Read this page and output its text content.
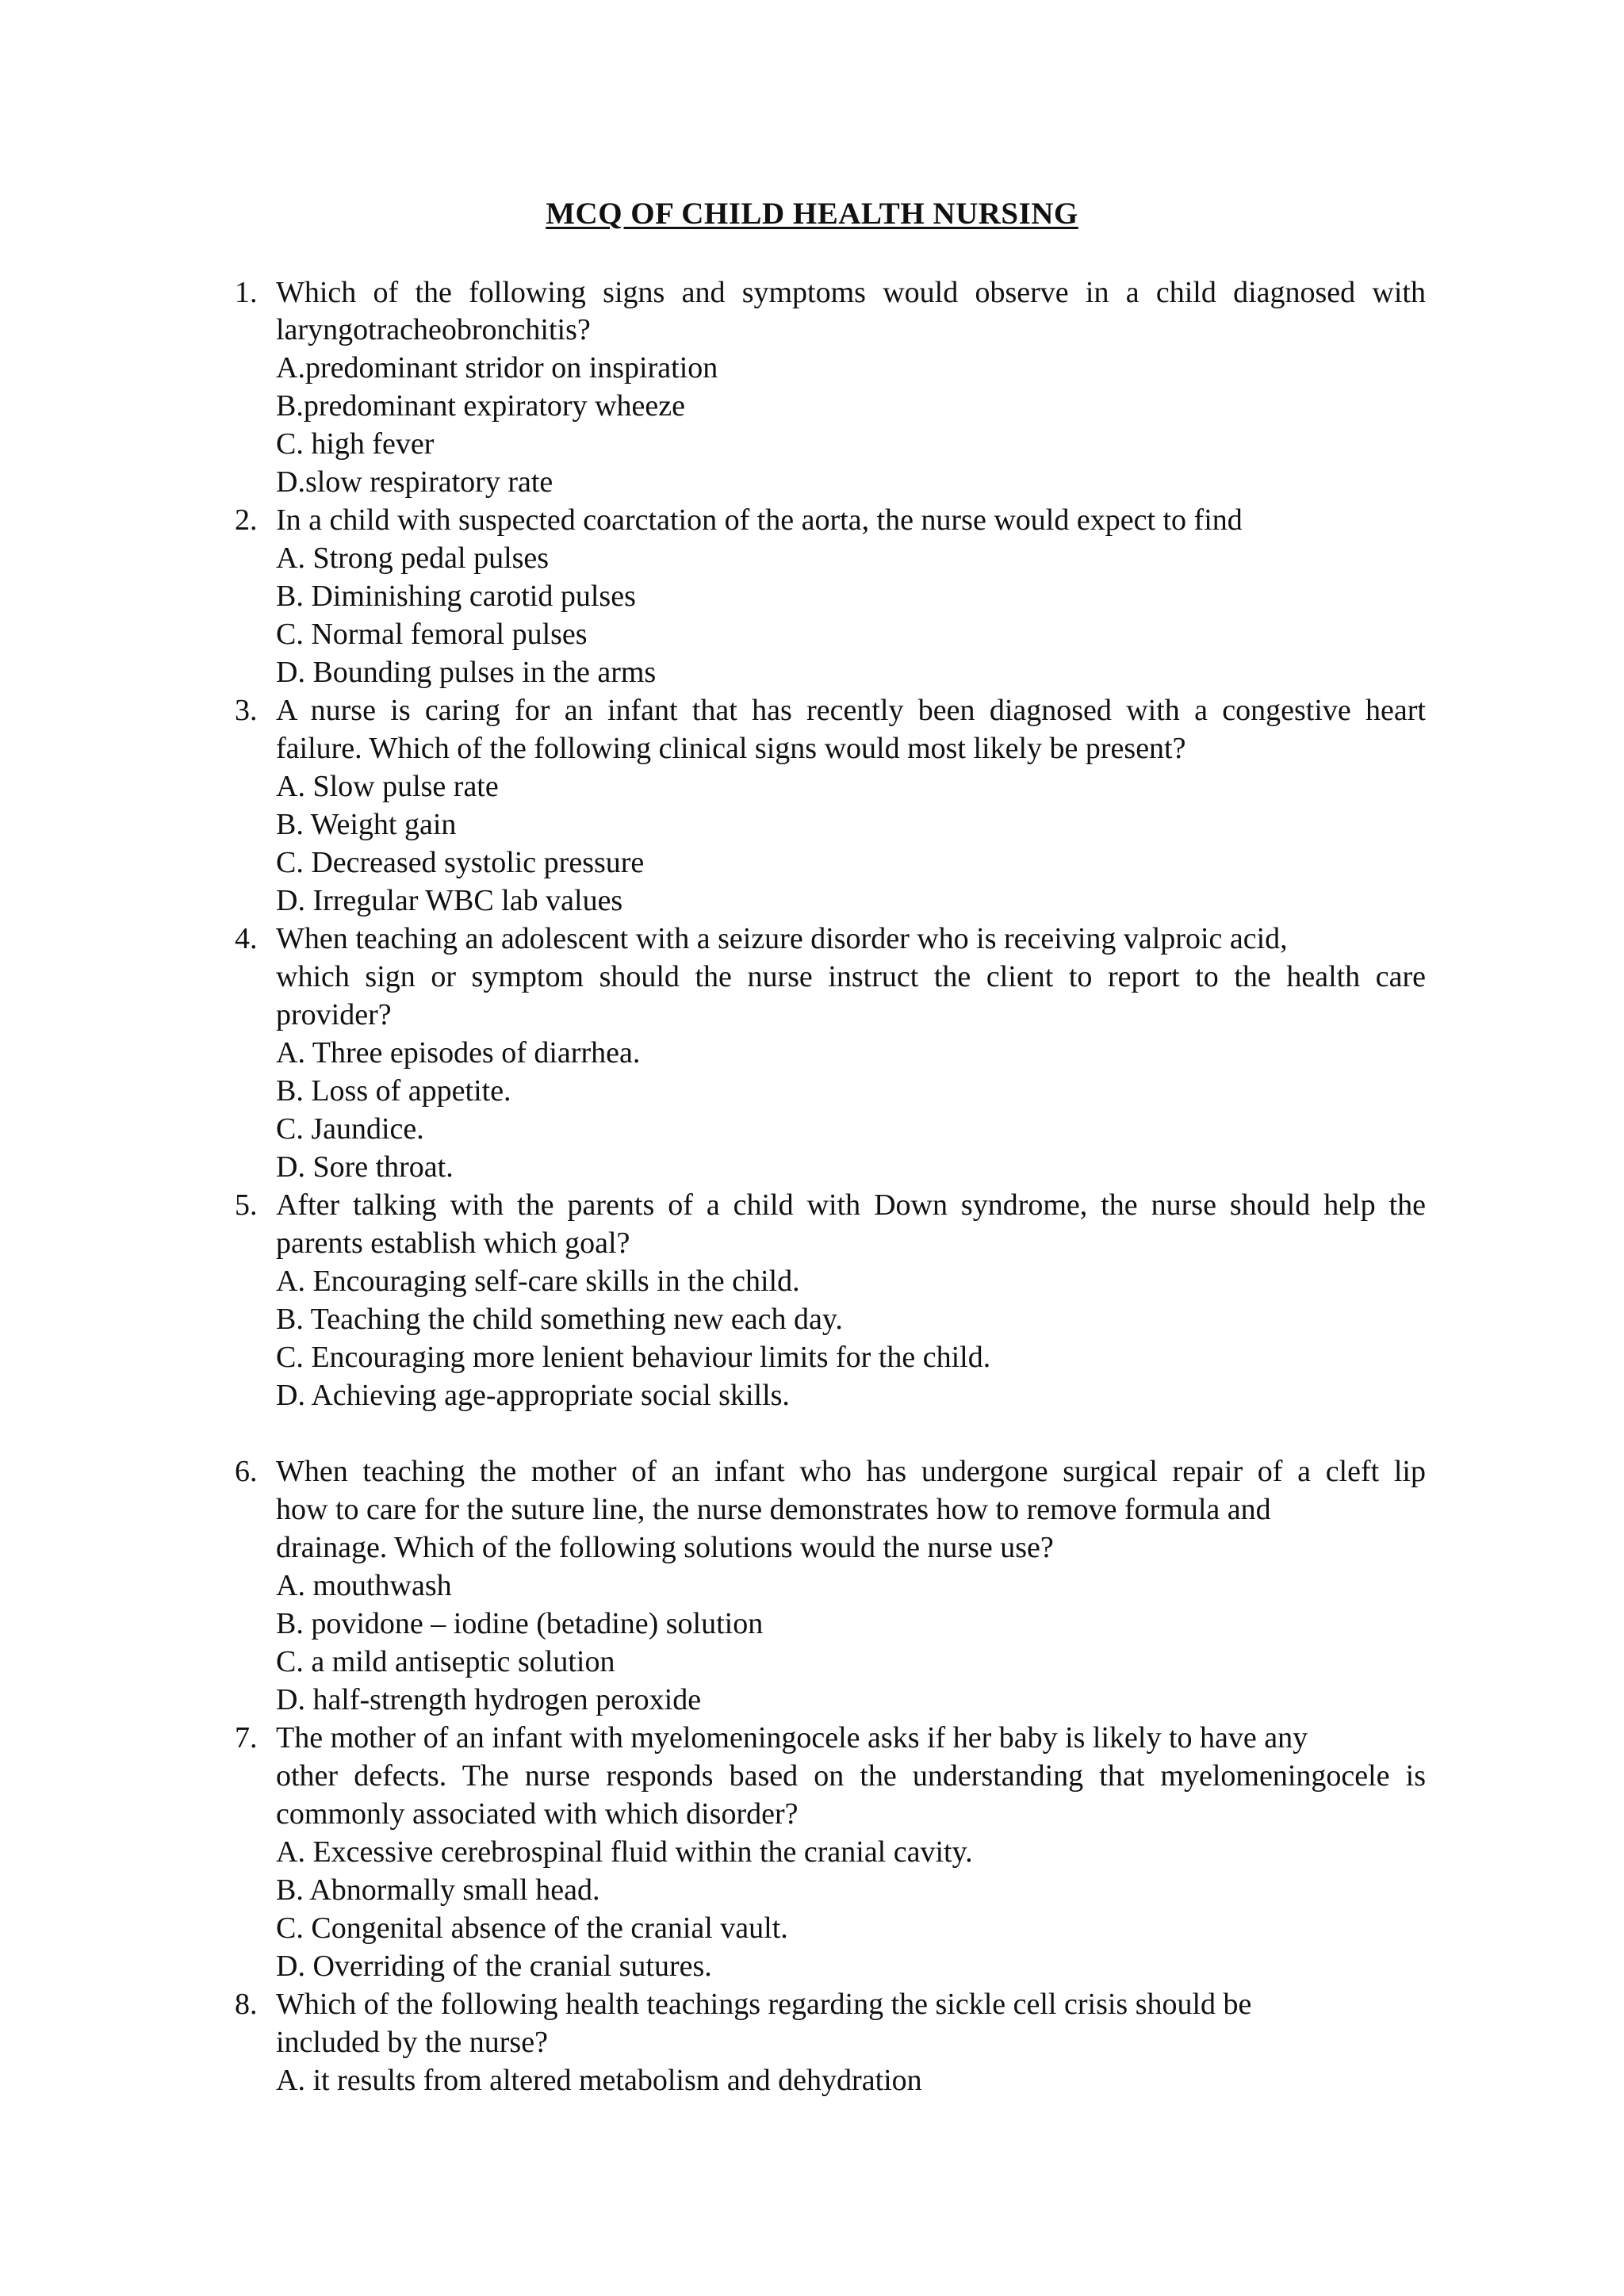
MCQ OF CHILD HEALTH NURSING
1. Which of the following signs and symptoms would observe in a child diagnosed with
laryngotracheobronchitis?
A.predominant stridor on inspiration
B.predominant expiratory wheeze
C. high fever
D.slow respiratory rate
2. In a child with suspected coarctation of the aorta, the nurse would expect to find
A. Strong pedal pulses
B. Diminishing carotid pulses
C. Normal femoral pulses
D. Bounding pulses in the arms
3. A nurse is caring for an infant that has recently been diagnosed with a congestive heart
failure. Which of the following clinical signs would most likely be present?
A. Slow pulse rate
B. Weight gain
C. Decreased systolic pressure
D. Irregular WBC lab values
4. When teaching an adolescent with a seizure disorder who is receiving valproic acid,
which sign or symptom should the nurse instruct the client to report to the health care
provider?
A. Three episodes of diarrhea.
B. Loss of appetite.
C. Jaundice.
D. Sore throat.
5. After talking with the parents of a child with Down syndrome, the nurse should help the
parents establish which goal?
A. Encouraging self-care skills in the child.
B. Teaching the child something new each day.
C. Encouraging more lenient behaviour limits for the child.
D. Achieving age-appropriate social skills.
6. When teaching the mother of an infant who has undergone surgical repair of a cleft lip
how to care for the suture line, the nurse demonstrates how to remove formula and
drainage. Which of the following solutions would the nurse use?
A. mouthwash
B. povidone – iodine (betadine) solution
C. a mild antiseptic solution
D. half-strength hydrogen peroxide
7. The mother of an infant with myelomeningocele asks if her baby is likely to have any
other defects. The nurse responds based on the understanding that myelomeningocele is
commonly associated with which disorder?
A. Excessive cerebrospinal fluid within the cranial cavity.
B. Abnormally small head.
C. Congenital absence of the cranial vault.
D. Overriding of the cranial sutures.
8. Which of the following health teachings regarding the sickle cell crisis should be
included by the nurse?
A. it results from altered metabolism and dehydration
